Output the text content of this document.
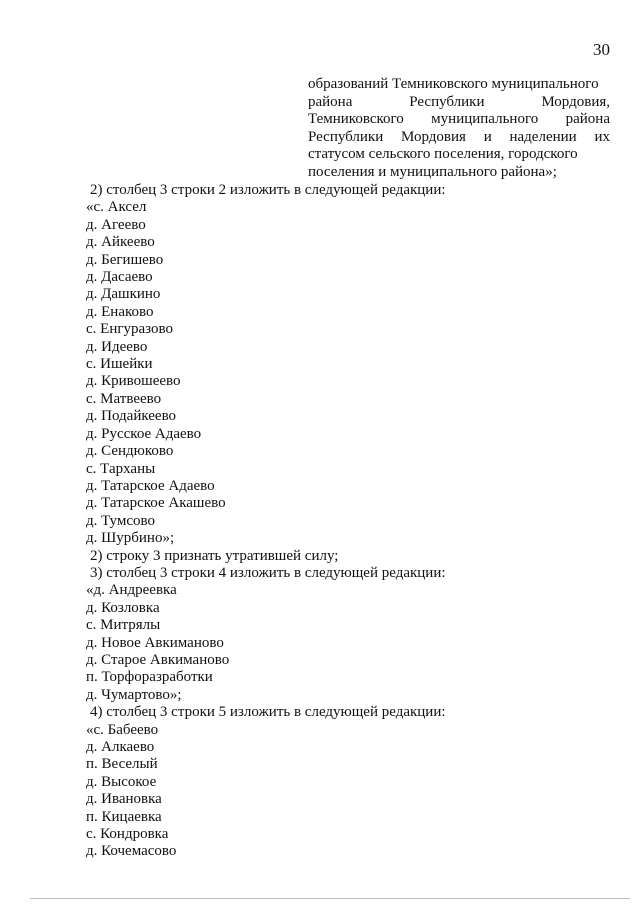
30
образований Темниковского муниципального
района Республики Мордовия,
Темниковского муниципального района
Республики Мордовия и наделении их
статусом сельского поселения, городского
поселения и муниципального района»;
2) столбец 3 строки 2 изложить в следующей редакции:
«с. Аксел
д. Агеево
д. Айкеево
д. Бегишево
д. Дасаево
д. Дашкино
д. Енаково
с. Енгуразово
д. Идеево
с. Ишейки
д. Кривошеево
с. Матвеево
д. Подайкеево
д. Русское Адаево
д. Сендюково
с. Тарханы
д. Татарское Адаево
д. Татарское Акашево
д. Тумсово
д. Шурбино»;
2) строку 3 признать утратившей силу;
3) столбец 3 строки 4 изложить в следующей редакции:
«д. Андреевка
д. Козловка
с. Митрялы
д. Новое Авкиманово
д. Старое Авкиманово
п. Торфоразработки
д. Чумартово»;
4) столбец 3 строки 5 изложить в следующей редакции:
«с. Бабеево
д. Алкаево
п. Веселый
д. Высокое
д. Ивановка
п. Кицаевка
с. Кондровка
д. Кочемасово
